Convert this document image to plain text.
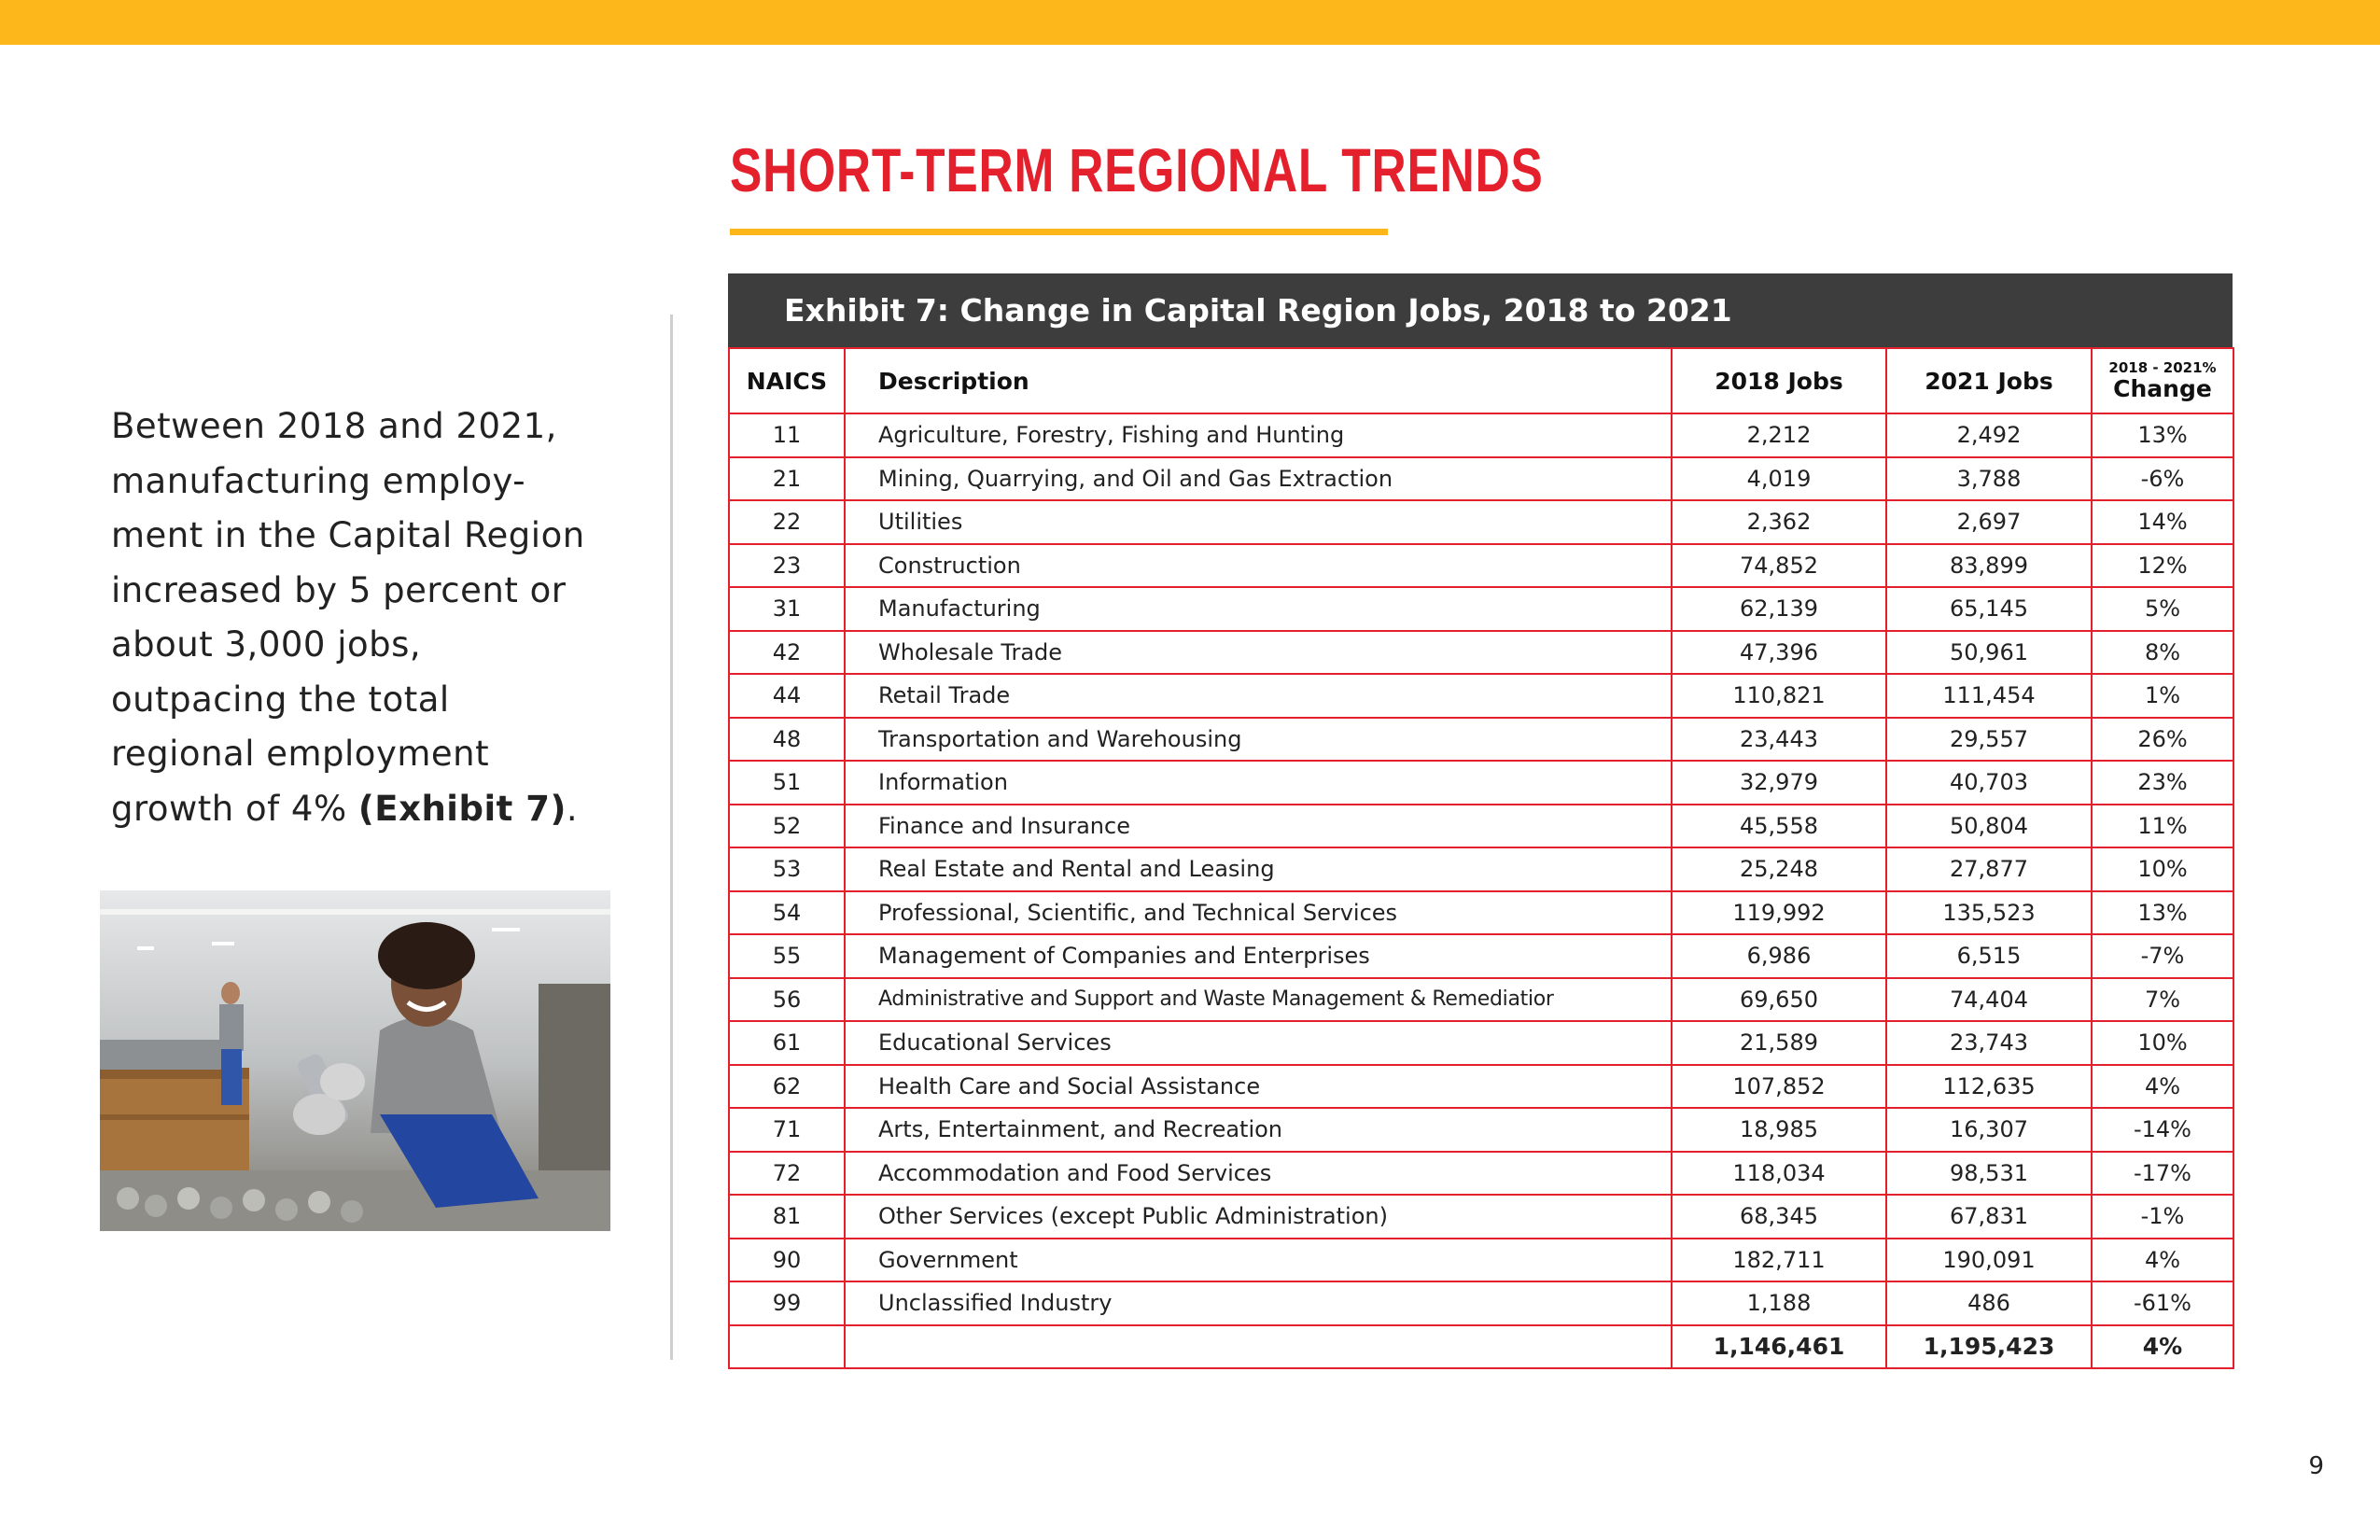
SHORT-TERM REGIONAL TRENDS

Between 2018 and 2021, manufacturing employ-ment in the Capital Region increased by 5 percent or about 3,000 jobs, outpacing the total regional employment growth of 4% (Exhibit 7).

Exhibit 7: Change in Capital Region Jobs, 2018 to 2021
NAICS	Description	2018 Jobs	2021 Jobs	2018 - 2021%
Change

11	Agriculture, Forestry, Fishing and Hunting	2,212	2,492	13%
21	Mining, Quarrying, and Oil and Gas Extraction	4,019	3,788	-6%
22	Utilities	2,362	2,697	14%
23	Construction	74,852	83,899	12%
31	Manufacturing	62,139	65,145	5%
42	Wholesale Trade	47,396	50,961	8%
44	Retail Trade	110,821	111,454	1%
48	Transportation and Warehousing	23,443	29,557	26%
51	Information	32,979	40,703	23%
52	Finance and Insurance	45,558	50,804	11%
53	Real Estate and Rental and Leasing	25,248	27,877	10%
54	Professional, Scientific, and Technical Services	119,992	135,523	13%
55	Management of Companies and Enterprises	6,986	6,515	-7%
56	Administrative and Support and Waste Management & Remediatior	69,650	74,404	7%
61	Educational Services	21,589	23,743	10%
62	Health Care and Social Assistance	107,852	112,635	4%
71	Arts, Entertainment, and Recreation	18,985	16,307	-14%
72	Accommodation and Food Services	118,034	98,531	-17%
81	Other Services (except Public Administration)	68,345	67,831	-1%
90	Government	182,711	190,091	4%
99	Unclassified Industry	1,188	486	-61%
		1,146,461	1,195,423	4%
9
